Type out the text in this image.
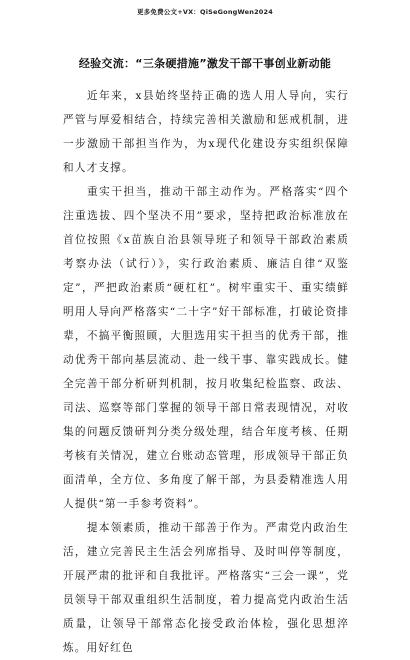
更多免费公文+VX：QiSeGongWen2024
经验交流：“三条硬措施”激发干部干事创业新动能

近年来，x县始终坚持正确的选人用人导向，实行严管与厚爱相结合，持续完善相关激励和惩戒机制，进一步激励干部担当作为，为x现代化建设夯实组织保障和人才支撑。

重实干担当，推动干部主动作为。严格落实“四个注重选拔、四个坚决不用”要求，坚持把政治标准放在首位按照《x苗族自治县领导班子和领导干部政治素质考察办法（试行）》，实行政治素质、廉洁自律“双鉴定”，严把政治素质“硬杠杠”。树牢重实干、重实绩鲜明用人导向严格落实“二十字”好干部标准，打破论资排辈，不搞平衡照顾，大胆选用实干担当的优秀干部，推动优秀干部向基层流动、赴一线干事、靠实践成长。健全完善干部分析研判机制，按月收集纪检监察、政法、司法、巡察等部门掌握的领导干部日常表现情况，对收集的问题反馈研判分类分级处理，结合年度考核、任期考核有关情况，建立台账动态管理，形成领导干部正负面清单，全方位、多角度了解干部，为县委精准选人用人提供“第一手参考资料”。

提本领素质，推动干部善于作为。严肃党内政治生活，建立完善民主生活会列席指导、及时叫停等制度，开展严肃的批评和自我批评。严格落实“三会一课”，党员领导干部双重组织生活制度，着力提高党内政治生活质量，让领导干部常态化接受政治体检，强化思想淬炼。用好红色
